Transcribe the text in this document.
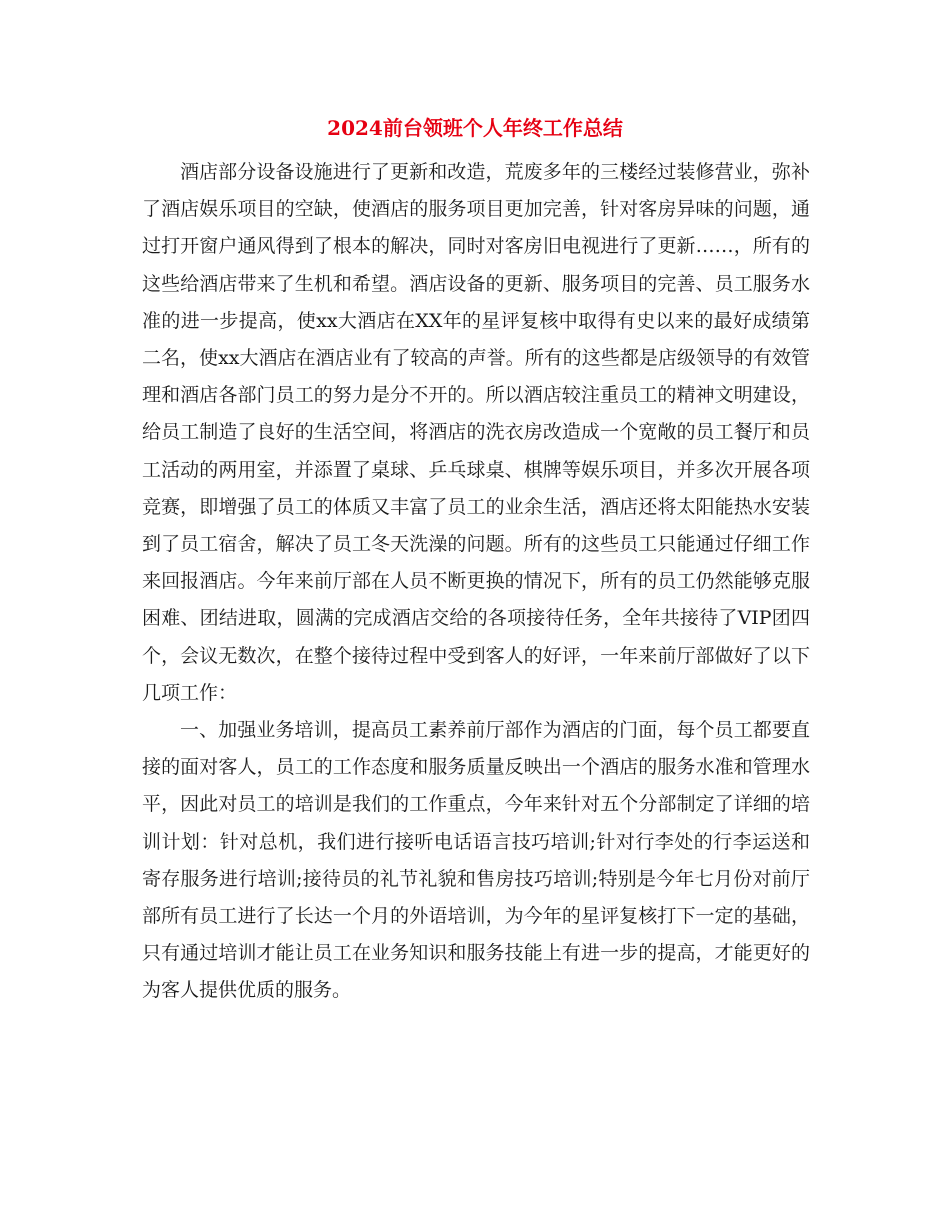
2024前台领班个人年终工作总结

酒店部分设备设施进行了更新和改造，荒废多年的三楼经过装修营业，弥补了酒店娱乐项目的空缺，使酒店的服务项目更加完善，针对客房异味的问题，通过打开窗户通风得到了根本的解决，同时对客房旧电视进行了更新……，所有的这些给酒店带来了生机和希望。酒店设备的更新、服务项目的完善、员工服务水准的进一步提高，使xx大酒店在XX年的星评复核中取得有史以来的最好成绩第二名，使xx大酒店在酒店业有了较高的声誉。所有的这些都是店级领导的有效管理和酒店各部门员工的努力是分不开的。所以酒店较注重员工的精神文明建设，给员工制造了良好的生活空间，将酒店的洗衣房改造成一个宽敞的员工餐厅和员工活动的两用室，并添置了桌球、乒乓球桌、棋牌等娱乐项目，并多次开展各项竞赛，即增强了员工的体质又丰富了员工的业余生活，酒店还将太阳能热水安装到了员工宿舍，解决了员工冬天洗澡的问题。所有的这些员工只能通过仔细工作来回报酒店。今年来前厅部在人员不断更换的情况下，所有的员工仍然能够克服困难、团结进取，圆满的完成酒店交给的各项接待任务，全年共接待了VIP团四个，会议无数次，在整个接待过程中受到客人的好评，一年来前厅部做好了以下几项工作：

一、加强业务培训，提高员工素养前厅部作为酒店的门面，每个员工都要直接的面对客人，员工的工作态度和服务质量反映出一个酒店的服务水准和管理水平，因此对员工的培训是我们的工作重点，今年来针对五个分部制定了详细的培训计划：针对总机，我们进行接听电话语言技巧培训;针对行李处的行李运送和寄存服务进行培训;接待员的礼节礼貌和售房技巧培训;特别是今年七月份对前厅部所有员工进行了长达一个月的外语培训，为今年的星评复核打下一定的基础，只有通过培训才能让员工在业务知识和服务技能上有进一步的提高，才能更好的为客人提供优质的服务。
